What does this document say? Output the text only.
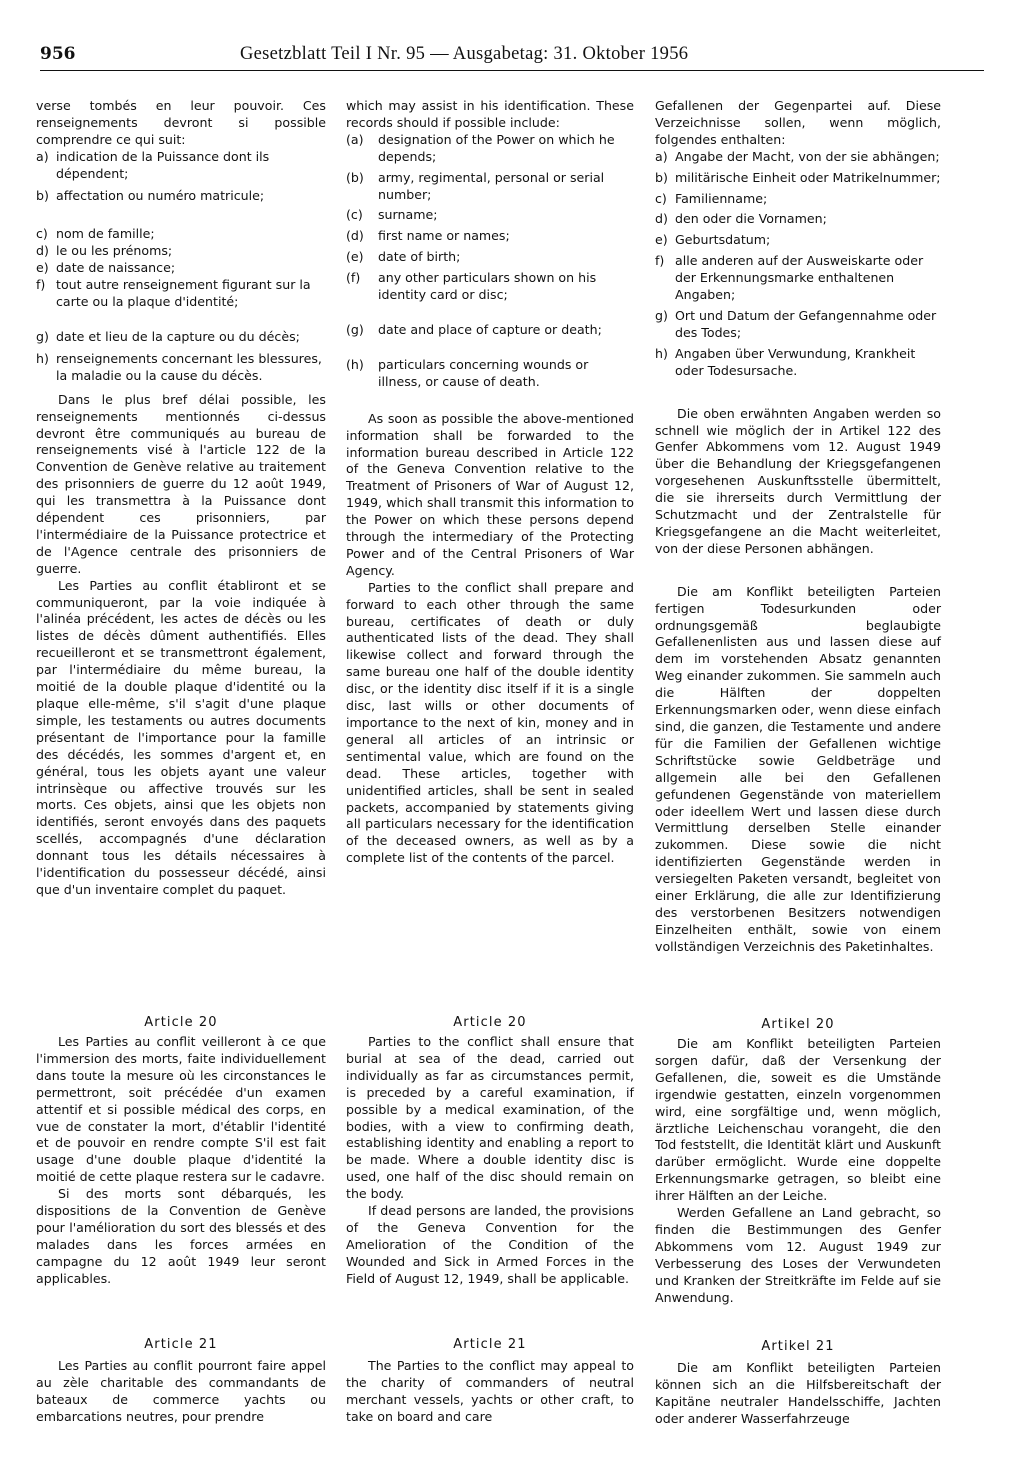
956	Gesetzblatt Teil I Nr. 95 — Ausgabetag: 31. Oktober 1956

verse tombés en leur pouvoir. Ces renseignements devront si possible comprendre ce qui suit:

a) indication de la Puissance dont ils dépendent;
b) affectation ou numéro matricule;
c) nom de famille;
d) le ou les prénoms;
e) date de naissance;
f) tout autre renseignement figurant sur la carte ou la plaque d'identité;
g) date et lieu de la capture ou du décès;
h) renseignements concernant les blessures, la maladie ou la cause du décès.

Dans le plus bref délai possible, les renseignements mentionnés ci-dessus devront être communiqués au bureau de renseignements visé à l'article 122 de la Convention de Genève relative au traitement des prisonniers de guerre du 12 août 1949, qui les transmettra à la Puissance dont dépendent ces prisonniers, par l'intermédiaire de la Puissance protectrice et de l'Agence centrale des prisonniers de guerre.

Les Parties au conflit établiront et se communiqueront, par la voie indiquée à l'alinéa précédent, les actes de décès ou les listes de décès dûment authentifiés. Elles recueilleront et se transmettront également, par l'intermédiaire du même bureau, la moitié de la double plaque d'identité ou la plaque elle-même, s'il s'agit d'une plaque simple, les testaments ou autres documents présentant de l'importance pour la famille des décédés, les sommes d'argent et, en général, tous les objets ayant une valeur intrinsèque ou affective trouvés sur les morts. Ces objets, ainsi que les objets non identifiés, seront envoyés dans des paquets scellés, accompagnés d'une déclaration donnant tous les détails nécessaires à l'identification du possesseur décédé, ainsi que d'un inventaire complet du paquet.

which may assist in his identification. These records should if possible include:

(a)	designation of the Power on which he depends;
(b)	army, regimental, personal or serial number;
(c)	surname;
(d)	first name or names;
(e)	date of birth;
(f)	any other particulars shown on his identity card or disc;
(g)	date and place of capture or death;
(h)	particulars concerning wounds or illness, or cause of death.

As soon as possible the above-mentioned information shall be forwarded to the information bureau described in Article 122 of the Geneva Convention relative to the Treatment of Prisoners of War of August 12, 1949, which shall transmit this information to the Power on which these persons depend through the intermediary of the Protecting Power and of the Central Prisoners of War Agency.

Parties to the conflict shall prepare and forward to each other through the same bureau, certificates of death or duly authenticated lists of the dead. They shall likewise collect and forward through the same bureau one half of the double identity disc, or the identity disc itself if it is a single disc, last wills or other documents of importance to the next of kin, money and in general all articles of an intrinsic or sentimental value, which are found on the dead. These articles, together with unidentified articles, shall be sent in sealed packets, accompanied by statements giving all particulars necessary for the identification of the deceased owners, as well as by a complete list of the contents of the parcel.

Gefallenen der Gegenpartei auf. Diese Verzeichnisse sollen, wenn möglich, folgendes enthalten:

a) Angabe der Macht, von der sie abhängen;
b) militärische Einheit oder Matrikelnummer;
c) Familienname;
d) den oder die Vornamen;
e) Geburtsdatum;
f) alle anderen auf der Ausweiskarte oder der Erkennungsmarke enthaltenen Angaben;
g) Ort und Datum der Gefangennahme oder des Todes;
h) Angaben über Verwundung, Krankheit oder Todesursache.

Die oben erwähnten Angaben werden so schnell wie möglich der in Artikel 122 des Genfer Abkommens vom 12. August 1949 über die Behandlung der Kriegsgefangenen vorgesehenen Auskunftsstelle übermittelt, die sie ihrerseits durch Vermittlung der Schutzmacht und der Zentralstelle für Kriegsgefangene an die Macht weiterleitet, von der diese Personen abhängen.

Die am Konflikt beteiligten Parteien fertigen Todesurkunden oder ordnungsgemäß beglaubigte Gefallenenlisten aus und lassen diese auf dem im vorstehenden Absatz genannten Weg einander zukommen. Sie sammeln auch die Hälften der doppelten Erkennungsmarken oder, wenn diese einfach sind, die ganzen, die Testamente und andere für die Familien der Gefallenen wichtige Schriftstücke sowie Geldbeträge und allgemein alle bei den Gefallenen gefundenen Gegenstände von materiellem oder ideellem Wert und lassen diese durch Vermittlung derselben Stelle einander zukommen. Diese sowie die nicht identifizierten Gegenstände werden in versiegelten Paketen versandt, begleitet von einer Erklärung, die alle zur Identifizierung des verstorbenen Besitzers notwendigen Einzelheiten enthält, sowie von einem vollständigen Verzeichnis des Paketinhaltes.

Article 20	Article 20	Artikel 20

Les Parties au conflit veilleront à ce que l'immersion des morts, faite individuellement dans toute la mesure où les circonstances le permettront, soit précédée d'un examen attentif et si possible médical des corps, en vue de constater la mort, d'établir l'identité et de pouvoir en rendre compte S'il est fait usage d'une double plaque d'identité la moitié de cette plaque restera sur le cadavre.

Si des morts sont débarqués, les dispositions de la Convention de Genève pour l'amélioration du sort des blessés et des malades dans les forces armées en campagne du 12 août 1949 leur seront applicables.

Parties to the conflict shall ensure that burial at sea of the dead, carried out individually as far as circumstances permit, is preceded by a careful examination, if possible by a medical examination, of the bodies, with a view to confirming death, establishing identity and enabling a report to be made. Where a double identity disc is used, one half of the disc should remain on the body.

If dead persons are landed, the provisions of the Geneva Convention for the Amelioration of the Condition of the Wounded and Sick in Armed Forces in the Field of August 12, 1949, shall be applicable.

Die am Konflikt beteiligten Parteien sorgen dafür, daß der Versenkung der Gefallenen, die, soweit es die Umstände irgendwie gestatten, einzeln vorgenommen wird, eine sorgfältige und, wenn möglich, ärztliche Leichenschau vorangeht, die den Tod feststellt, die Identität klärt und Auskunft darüber ermöglicht. Wurde eine doppelte Erkennungsmarke getragen, so bleibt eine ihrer Hälften an der Leiche.

Werden Gefallene an Land gebracht, so finden die Bestimmungen des Genfer Abkommens vom 12. August 1949 zur Verbesserung des Loses der Verwundeten und Kranken der Streitkräfte im Felde auf sie Anwendung.

Article 21	Article 21	Artikel 21

Les Parties au conflit pourront faire appel au zèle charitable des commandants de bateaux de commerce yachts ou embarcations neutres, pour prendre

The Parties to the conflict may appeal to the charity of commanders of neutral merchant vessels, yachts or other craft, to take on board and care

Die am Konflikt beteiligten Parteien können sich an die Hilfsbereitschaft der Kapitäne neutraler Handelsschiffe, Jachten oder anderer Wasserfahrzeuge
